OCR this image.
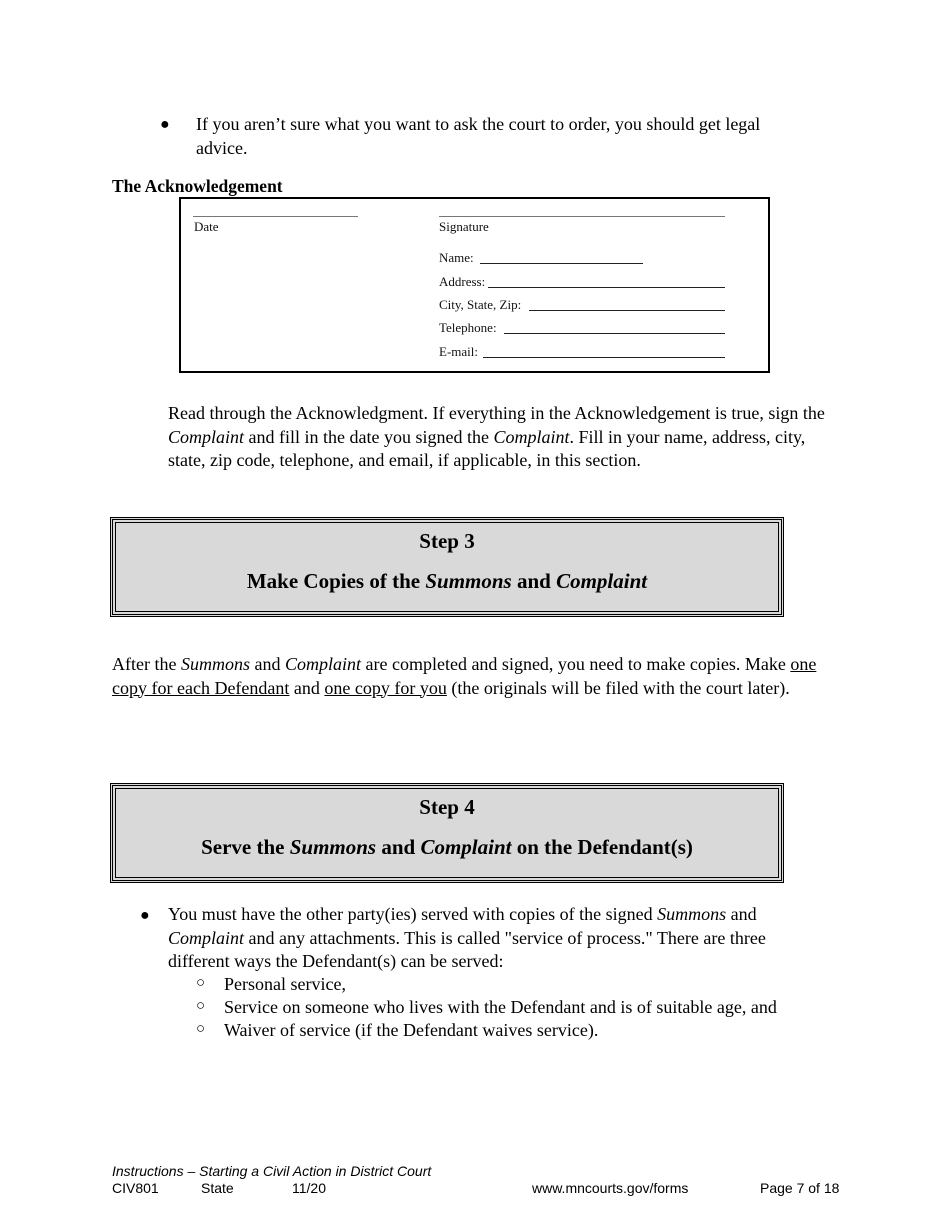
● If you aren’t sure what you want to ask the court to order, you should get legal advice.
The Acknowledgement
Date	Signature
Name:
Address:
City, State, Zip:
Telephone:
E-mail:
Read through the Acknowledgment. If everything in the Acknowledgement is true, sign the Complaint and fill in the date you signed the Complaint. Fill in your name, address, city, state, zip code, telephone, and email, if applicable, in this section.
Step 3
Make Copies of the Summons and Complaint
After the Summons and Complaint are completed and signed, you need to make copies. Make one copy for each Defendant and one copy for you (the originals will be filed with the court later).
Step 4
Serve the Summons and Complaint on the Defendant(s)
● You must have the other party(ies) served with copies of the signed Summons and Complaint and any attachments. This is called "service of process." There are three different ways the Defendant(s) can be served:
○ Personal service,
○ Service on someone who lives with the Defendant and is of suitable age, and
○ Waiver of service (if the Defendant waives service).
Instructions – Starting a Civil Action in District Court
CIV801	State	11/20	www.mncourts.gov/forms	Page 7 of 18
